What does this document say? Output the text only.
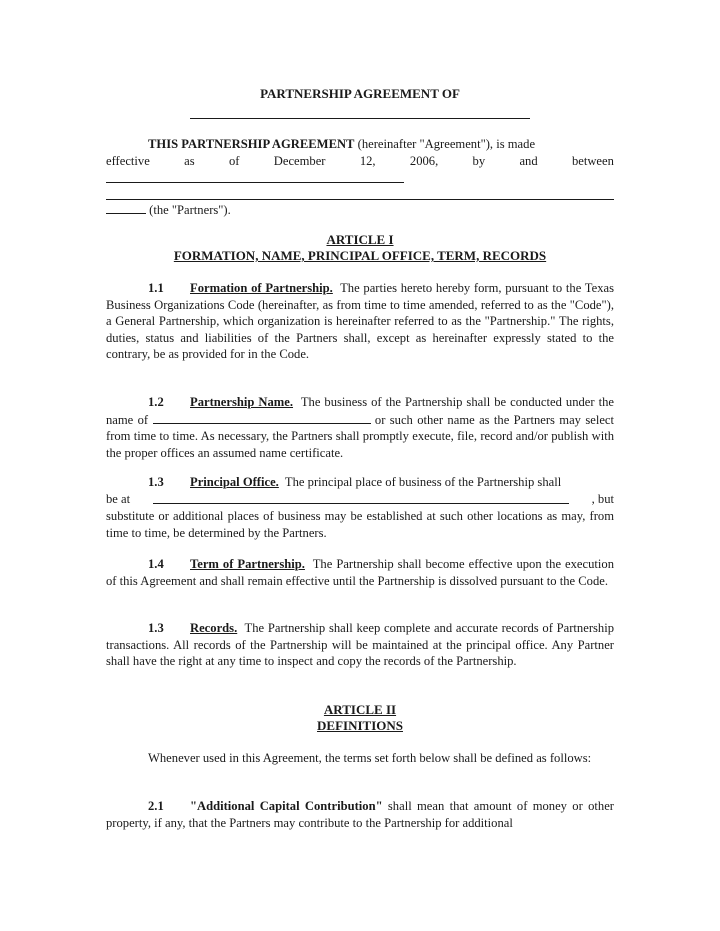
PARTNERSHIP AGREEMENT OF
THIS PARTNERSHIP AGREEMENT (hereinafter "Agreement"), is made
effective	as	of	December	12,	2006,	by	and	between
(the "Partners").
ARTICLE I
FORMATION, NAME, PRINCIPAL OFFICE, TERM, RECORDS
1.1 Formation of Partnership. The parties hereto hereby form, pursuant to the Texas Business Organizations Code (hereinafter, as from time to time amended, referred to as the "Code"), a General Partnership, which organization is hereinafter referred to as the "Partnership." The rights, duties, status and liabilities of the Partners shall, except as hereinafter expressly stated to the contrary, be as provided for in the Code.
1.2 Partnership Name. The business of the Partnership shall be conducted under the name of	or such other name as the Partners may select from time to time. As necessary, the Partners shall promptly execute, file, record and/or publish with the proper offices an assumed name certificate.
1.3 Principal Office. The principal place of business of the Partnership shall
be at	, but
substitute or additional places of business may be established at such other locations as may, from time to time, be determined by the Partners.
1.4 Term of Partnership. The Partnership shall become effective upon the execution of this Agreement and shall remain effective until the Partnership is dissolved pursuant to the Code.
1.3 Records. The Partnership shall keep complete and accurate records of Partnership transactions. All records of the Partnership will be maintained at the principal office. Any Partner shall have the right at any time to inspect and copy the records of the Partnership.
ARTICLE II
DEFINITIONS
Whenever used in this Agreement, the terms set forth below shall be defined as follows:
2.1 "Additional Capital Contribution" shall mean that amount of money or other property, if any, that the Partners may contribute to the Partnership for additional
